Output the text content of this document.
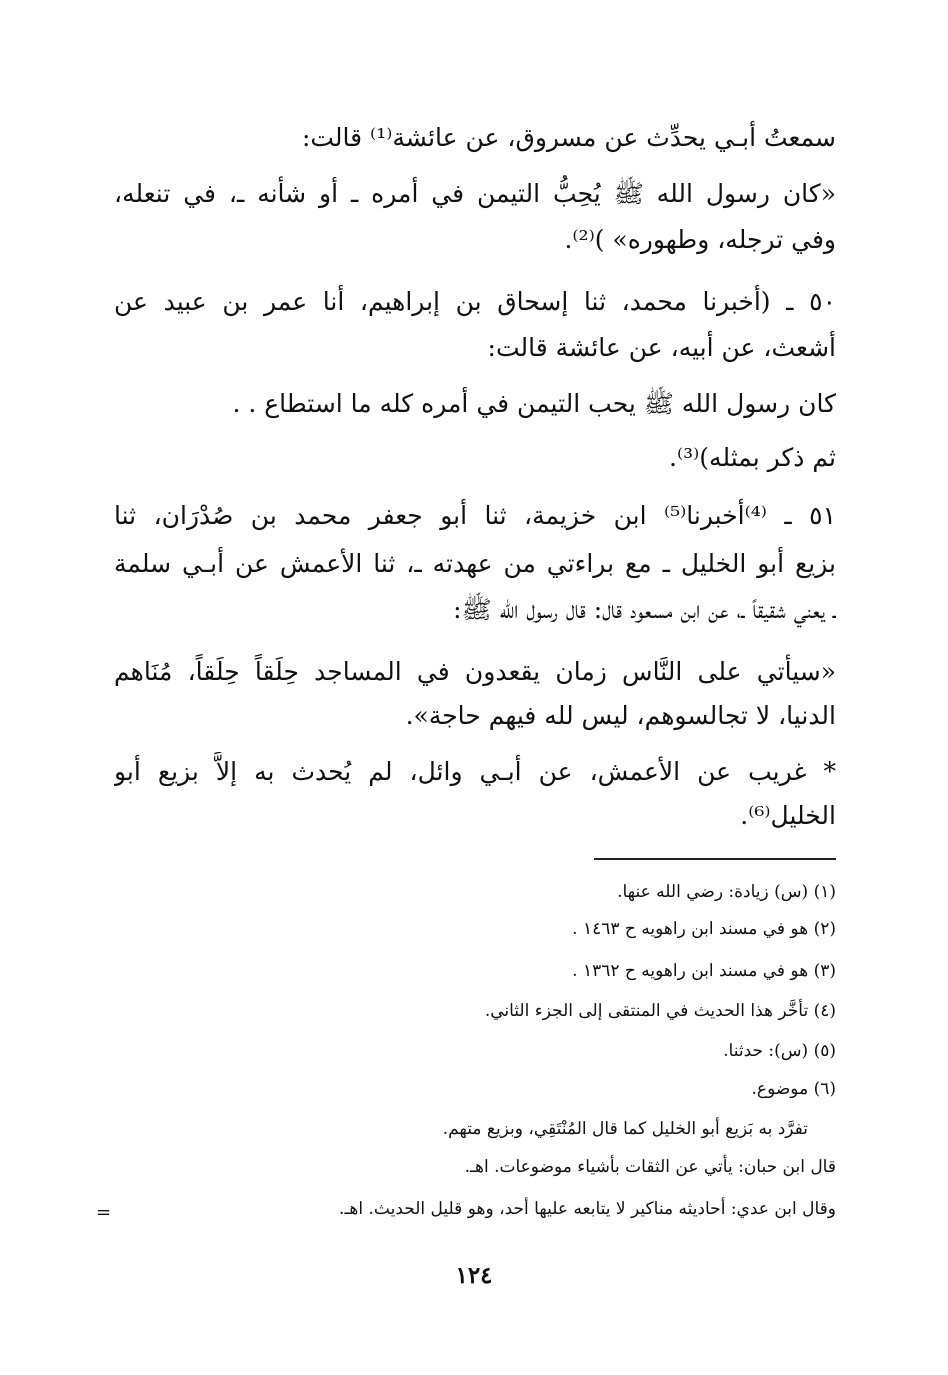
سمعتُ أبـي يحدِّث عن مسروق، عن عائشة⁽¹⁾ قالت:
«كان رسول الله ﷺ يُحِبُّ التيمن في أمره ـ أو شأنه ـ، في تنعله،
وفي ترجله، وطهوره» )⁽²⁾.
٥٠ ـ (أخبرنا محمد، ثنا إسحاق بن إبراهيم، أنا عمر بن عبيد عن
أشعث، عن أبيه، عن عائشة قالت:
كان رسول الله ﷺ يحب التيمن في أمره كله ما استطاع . .
ثم ذكر بمثله)⁽³⁾.
٥١ ـ ⁽⁴⁾أخبرنا⁽⁵⁾ ابن خزيمة، ثنا أبو جعفر محمد بن صُدْرَان، ثنا
بزيع أبو الخليل ـ مع براءتي من عهدته ـ، ثنا الأعمش عن أبـي سلمة
ـ يعني شقيقاً ـ، عن ابن مسعود قال: قال رسول الله ﷺ:
«سيأتي على النَّاس زمان يقعدون في المساجد حِلَقاً حِلَقاً، مُنَاهم
الدنيا، لا تجالسوهم، ليس لله فيهم حاجة».
* غريب عن الأعمش، عن أبـي وائل، لم يُحدث به إلاَّ بزيع أبو
الخليل⁽⁶⁾.
(١) (س) زيادة: رضي الله عنها.
(٢) هو في مسند ابن راهويه ح ١٤٦٣ .
(٣) هو في مسند ابن راهويه ح ١٣٦٢ .
(٤) تأخَّر هذا الحديث في المنتقى إلى الجزء الثاني.
(٥) (س): حدثنا.
(٦) موضوع.
تفرَّد به بَزيع أبو الخليل كما قال المُنْتَقِي، وبزيع متهم.
قال ابن حبان: يأتي عن الثقات بأشياء موضوعات. اهـ.
وقال ابن عدي: أحاديثه مناكير لا يتابعه عليها أحد، وهو قليل الحديث. اهـ.
=
١٢٤
